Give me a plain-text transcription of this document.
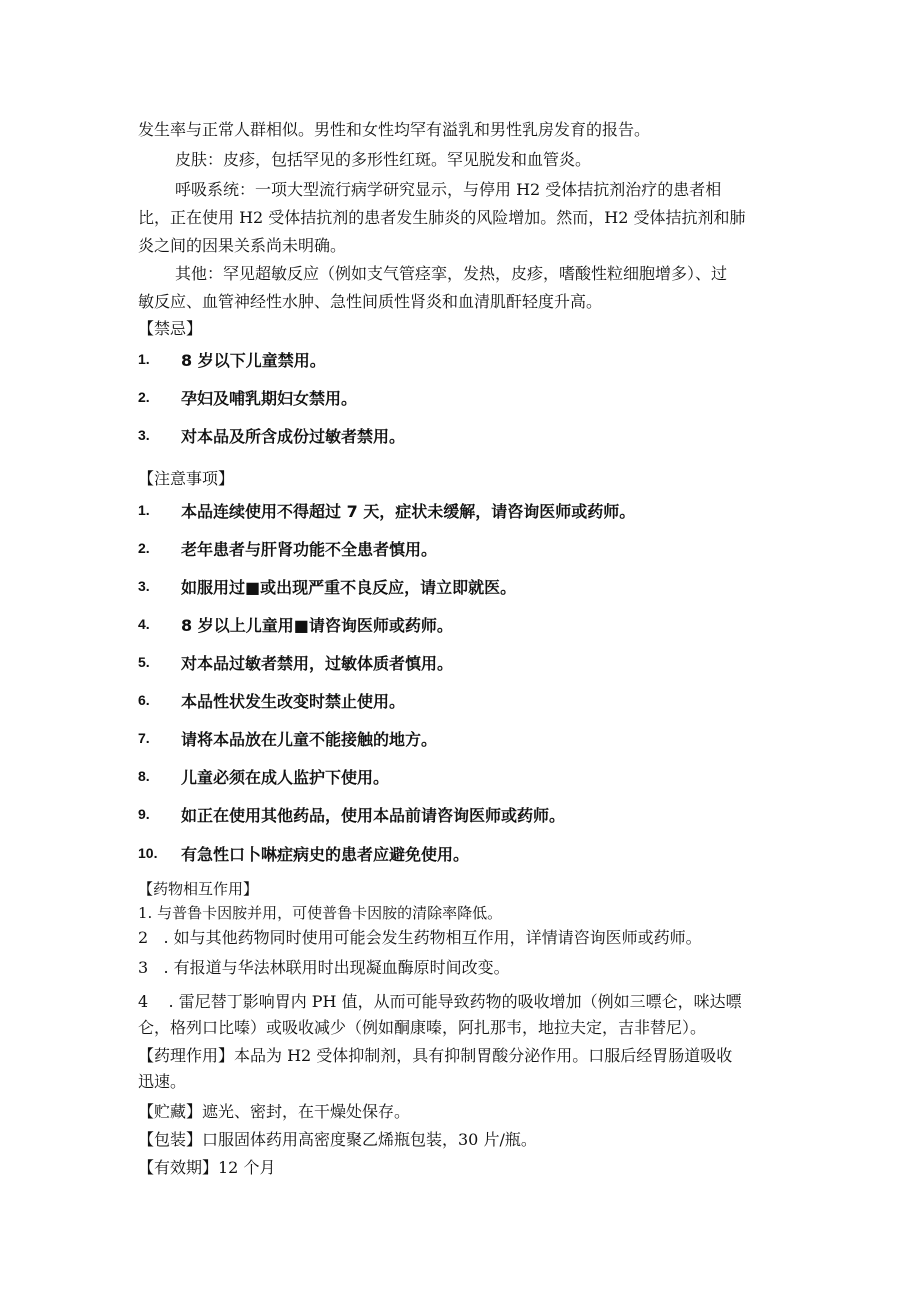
发生率与正常人群相似。男性和女性均罕有溢乳和男性乳房发育的报告。
皮肤：皮疹，包括罕见的多形性红斑。罕见脱发和血管炎。
呼吸系统：一项大型流行病学研究显示，与停用 H2 受体拮抗剂治疗的患者相
比，正在使用 H2 受体拮抗剂的患者发生肺炎的风险增加。然而，H2 受体拮抗剂和肺
炎之间的因果关系尚未明确。
其他：罕见超敏反应（例如支气管痉挛，发热，皮疹，嗜酸性粒细胞增多）、过
敏反应、血管神经性水肿、急性间质性肾炎和血清肌酐轻度升高。
【禁忌】
1. 8 岁以下儿童禁用。
2. 孕妇及哺乳期妇女禁用。
3. 对本品及所含成份过敏者禁用。
【注意事项】
1. 本品连续使用不得超过 7 天，症状未缓解，请咨询医师或药师。
2. 老年患者与肝肾功能不全患者慎用。
3. 如服用过■或出现严重不良反应，请立即就医。
4. 8 岁以上儿童用■请咨询医师或药师。
5. 对本品过敏者禁用，过敏体质者慎用。
6. 本品性状发生改变时禁止使用。
7. 请将本品放在儿童不能接触的地方。
8. 儿童必须在成人监护下使用。
9. 如正在使用其他药品，使用本品前请咨询医师或药师。
10. 有急性口卜啉症病史的患者应避免使用。
【药物相互作用】
1. 与普鲁卡因胺并用，可使普鲁卡因胺的清除率降低。
2   . 如与其他药物同时使用可能会发生药物相互作用，详情请咨询医师或药师。
3   . 有报道与华法林联用时出现凝血酶原时间改变。
4    . 雷尼替丁影响胃内 PH 值，从而可能导致药物的吸收增加（例如三嘌仑，咪达嘌
仑，格列口比嗪）或吸收减少（例如酮康嗪，阿扎那韦，地拉夫定，吉非替尼）。
【药理作用】本品为 H2 受体抑制剂，具有抑制胃酸分泌作用。口服后经胃肠道吸收
迅速。
【贮藏】遮光、密封，在干燥处保存。
【包装】口服固体药用高密度聚乙烯瓶包装，30 片/瓶。
【有效期】12 个月
